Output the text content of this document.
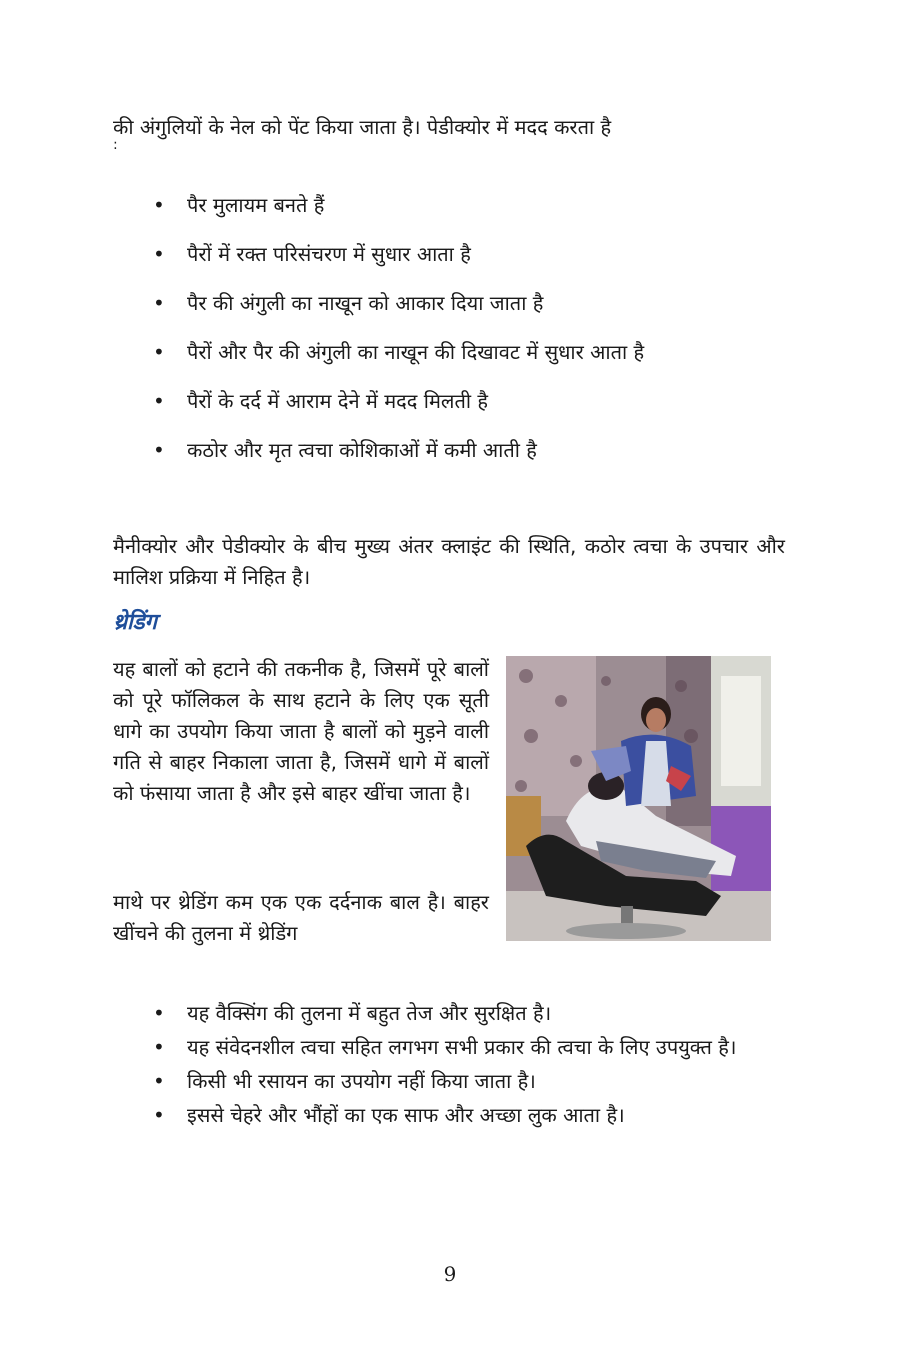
की अंगुलियों के नेल को पेंट किया जाता है। पेडीक्योर में मदद करता है
:

• पैर मुलायम बनते हैं
• पैरों में रक्त परिसंचरण में सुधार आता है
• पैर की अंगुली का नाखून को आकार दिया जाता है
• पैरों और पैर की अंगुली का नाखून की दिखावट में सुधार आता है
• पैरों के दर्द में आराम देने में मदद मिलती है
• कठोर और मृत त्वचा कोशिकाओं में कमी आती है

मैनीक्योर और पेडीक्योर के बीच मुख्य अंतर क्लाइंट की स्थिति, कठोर त्वचा के उपचार और मालिश प्रक्रिया में निहित है।

थ्रेडिंग

यह बालों को हटाने की तकनीक है, जिसमें पूरे बालों को पूरे फॉलिकल के साथ हटाने के लिए एक सूती धागे का उपयोग किया जाता है बालों को मुड़ने वाली गति से बाहर निकाला जाता है, जिसमें धागे में बालों को फंसाया जाता है और इसे बाहर खींचा जाता है।

माथे पर थ्रेडिंग कम एक एक दर्दनाक बाल है। बाहर खींचने की तुलना में थ्रेडिंग

• यह वैक्सिंग की तुलना में बहुत तेज और सुरक्षित है।
• यह संवेदनशील त्वचा सहित लगभग सभी प्रकार की त्वचा के लिए उपयुक्त है।
• किसी भी रसायन का उपयोग नहीं किया जाता है।
• इससे चेहरे और भौंहों का एक साफ और अच्छा लुक आता है।
9
